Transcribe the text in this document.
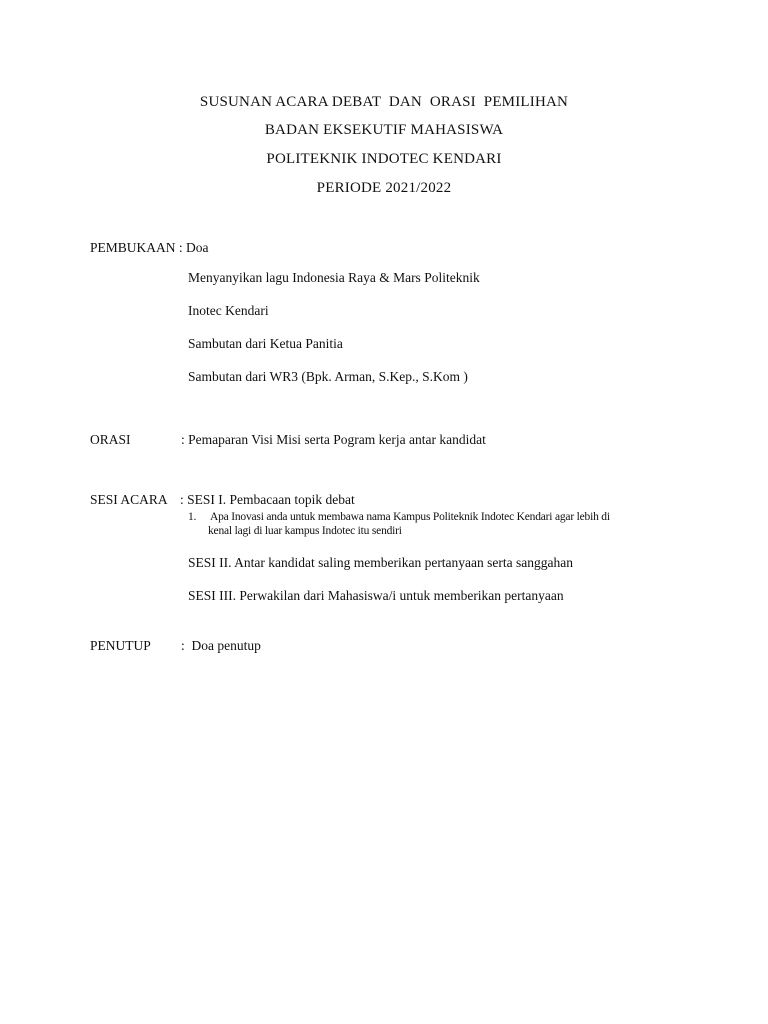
SUSUNAN ACARA DEBAT  DAN  ORASI  PEMILIHAN
BADAN EKSEKUTIF MAHASISWA
POLITEKNIK INDOTEC KENDARI
PERIODE 2021/2022
PEMBUKAAN : Doa
Menyanyikan lagu Indonesia Raya & Mars Politeknik
Inotec Kendari
Sambutan dari Ketua Panitia
Sambutan dari WR3 (Bpk. Arman, S.Kep., S.Kom )
ORASI	: Pemaparan Visi Misi serta Pogram kerja antar kandidat
SESI ACARA : SESI I. Pembacaan topik debat
1. Apa Inovasi anda untuk membawa nama Kampus Politeknik Indotec Kendari agar lebih di
kenal lagi di luar kampus Indotec itu sendiri
SESI II. Antar kandidat saling memberikan pertanyaan serta sanggahan
SESI III. Perwakilan dari Mahasiswa/i untuk memberikan pertanyaan
PENUTUP :  Doa penutup
